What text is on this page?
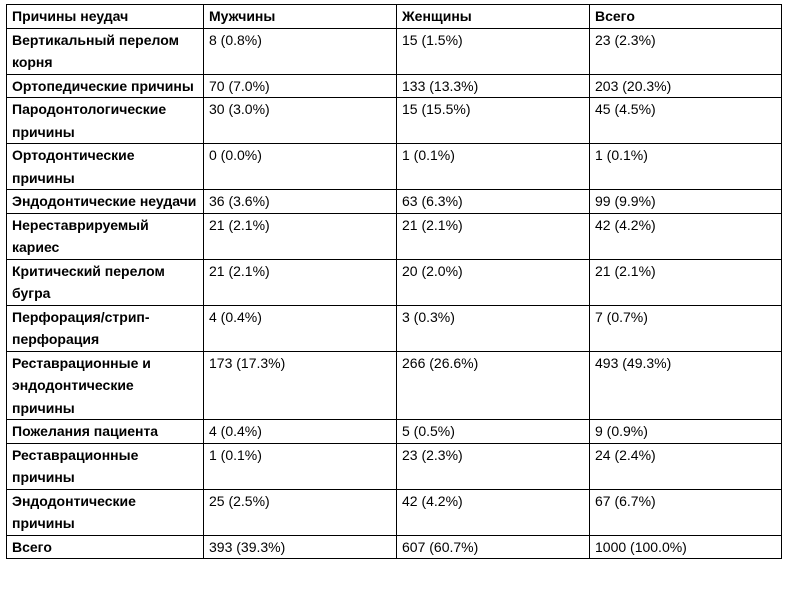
Причины неудач	Мужчины	Женщины	Всего
Вертикальный перелом корня	8 (0.8%)	15 (1.5%)	23 (2.3%)
Ортопедические причины	70 (7.0%)	133 (13.3%)	203 (20.3%)
Пародонтологические причины	30 (3.0%)	15 (15.5%)	45 (4.5%)
Ортодонтические причины	0 (0.0%)	1 (0.1%)	1 (0.1%)
Эндодонтические неудачи	36 (3.6%)	63 (6.3%)	99 (9.9%)
Нереставрируемый кариес	21 (2.1%)	21 (2.1%)	42 (4.2%)
Критический перелом бугра	21 (2.1%)	20 (2.0%)	21 (2.1%)
Перфорация/стрип-перфорация	4 (0.4%)	3 (0.3%)	7 (0.7%)
Реставрационные и эндодонтические причины	173 (17.3%)	266 (26.6%)	493 (49.3%)
Пожелания пациента	4 (0.4%)	5 (0.5%)	9 (0.9%)
Реставрационные причины	1 (0.1%)	23 (2.3%)	24 (2.4%)
Эндодонтические причины	25 (2.5%)	42 (4.2%)	67 (6.7%)
Всего	393 (39.3%)	607 (60.7%)	1000 (100.0%)
